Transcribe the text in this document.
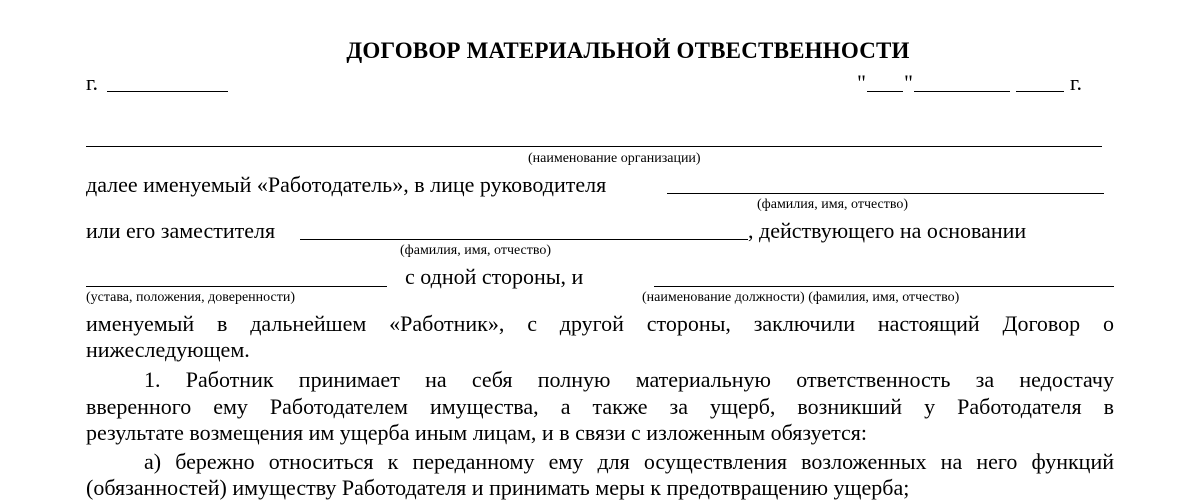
ДОГОВОР МАТЕРИАЛЬНОЙ ОТВЕСТВЕННОСТИ
г.	" "	г.
(наименование организации)
далее именуемый «Работодатель», в лице руководителя
(фамилия, имя, отчество)
или его заместителя	, действующего на основании
(фамилия, имя, отчество)
с одной стороны, и
(устава, положения, доверенности)	(наименование должности) (фамилия, имя, отчество)
именуемый в дальнейшем «Работник», с другой стороны, заключили настоящий Договор о
нижеследующем.
1. Работник принимает на себя полную материальную ответственность за недостачу
вверенного ему Работодателем имущества, а также за ущерб, возникший у Работодателя в
результате возмещения им ущерба иным лицам, и в связи с изложенным обязуется:
а) бережно относиться к переданному ему для осуществления возложенных на него функций
(обязанностей) имуществу Работодателя и принимать меры к предотвращению ущерба;
